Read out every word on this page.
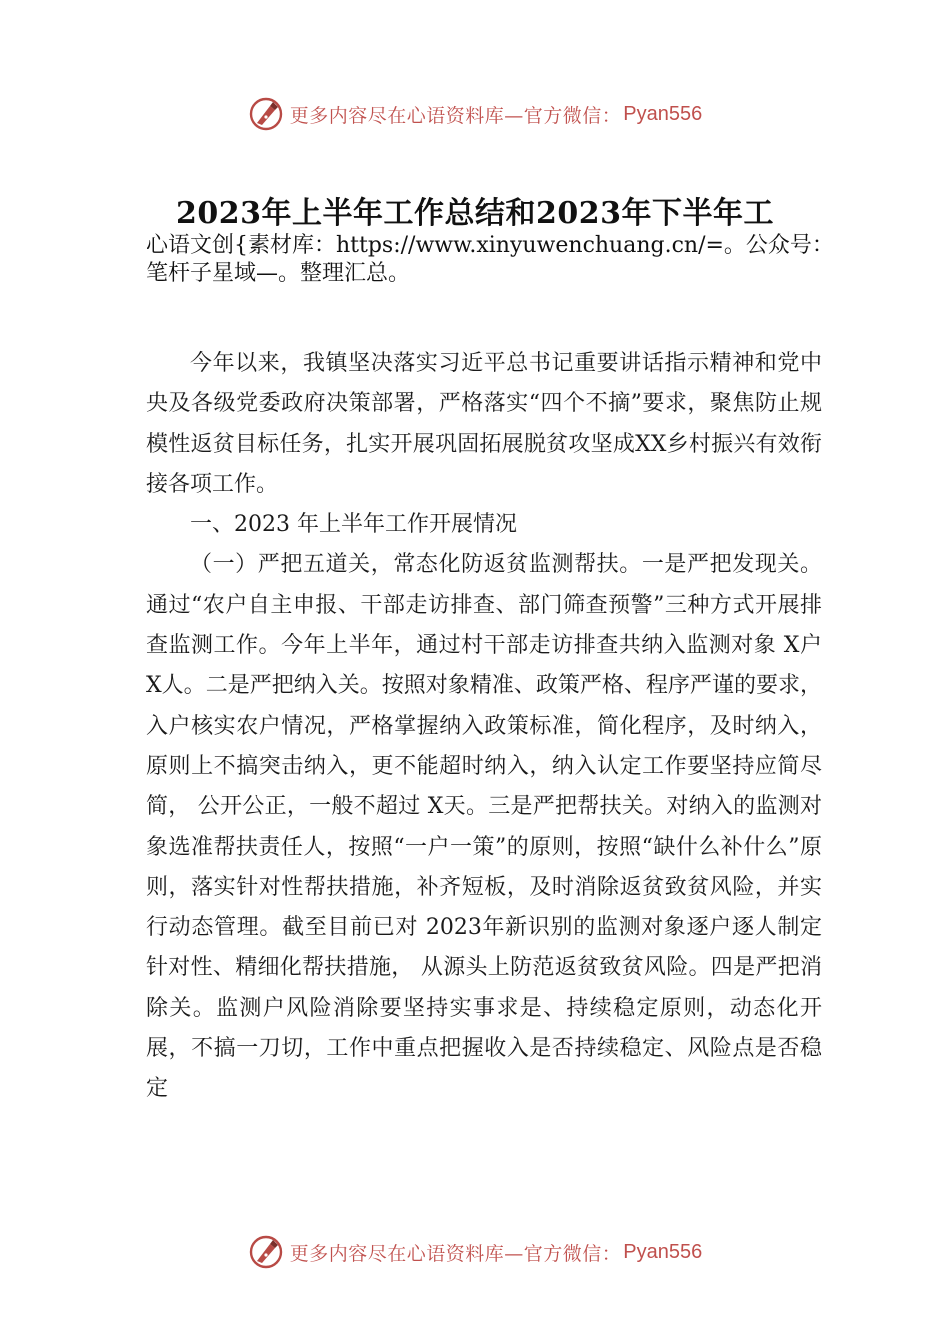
更多内容尽在心语资料库—官方微信： Pyan556
2023年上半年工作总结和2023年下半年工
心语文创{素材库：https://www.xinyuwenchuang.cn/=。公众号：笔杆子星域—。整理汇总。

今年以来，我镇坚决落实习近平总书记重要讲话指示精神和党中央及各级党委政府决策部署，严格落实“四个不摘”要求，聚焦防止规模性返贫目标任务，扎实开展巩固拓展脱贫攻坚成XX乡村振兴有效衔接各项工作。

一、2023 年上半年工作开展情况

（一）严把五道关，常态化防返贫监测帮扶。一是严把发现关。通过“农户自主申报、干部走访排查、部门筛查预警”三种方式开展排查监测工作。今年上半年，通过村干部走访排查共纳入监测对象 X户 X人。二是严把纳入关。按照对象精准、政策严格、程序严谨的要求，入户核实农户情况，严格掌握纳入政策标准，简化程序，及时纳入，原则上不搞突击纳入，更不能超时纳入，纳入认定工作要坚持应简尽简， 公开公正，一般不超过 X天。三是严把帮扶关。对纳入的监测对象选准帮扶责任人，按照“一户一策”的原则，按照“缺什么补什么”原则，落实针对性帮扶措施，补齐短板，及时消除返贫致贫风险，并实行动态管理。截至目前已对 2023年新识别的监测对象逐户逐人制定针对性、精细化帮扶措施， 从源头上防范返贫致贫风险。四是严把消除关。监测户风险消除要坚持实事求是、持续稳定原则，动态化开展，不搞一刀切，工作中重点把握收入是否持续稳定、风险点是否稳定

更多内容尽在心语资料库—官方微信： Pyan556
